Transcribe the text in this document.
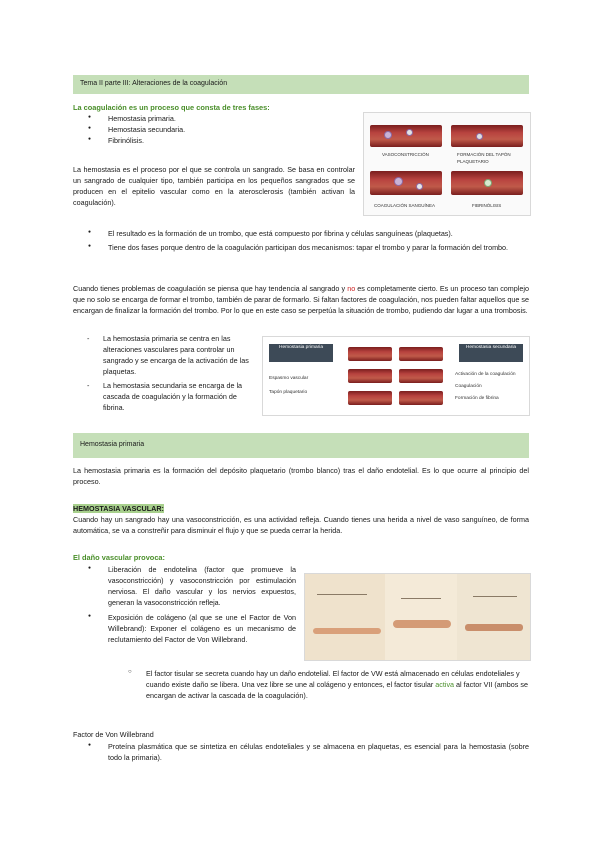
Tema II parte III: Alteraciones de la coagulación
La coagulación es un proceso que consta de tres fases:
● Hemostasia primaria.
● Hemostasia secundaria.
● Fibrinólisis.

La hemostasia es el proceso por el que se controla un sangrado. Se basa en controlar un sangrado de cualquier tipo, también participa en los pequeños sangrados que se producen en el epitelio vascular como en la aterosclerosis (también activan la coagulación).

VASOCONSTRICCIÓN	FORMACIÓN DEL TAPÓN PLAQUETARIO
COAGULACIÓN SANGUÍNEA	FIBRINÓLISIS
● El resultado es la formación de un trombo, que está compuesto por fibrina y células sanguíneas (plaquetas).
● Tiene dos fases porque dentro de la coagulación participan dos mecanismos: tapar el trombo y parar la formación del trombo.

Cuando tienes problemas de coagulación se piensa que hay tendencia al sangrado y no es completamente cierto. Es un proceso tan complejo que no solo se encarga de formar el trombo, también de parar de formarlo. Si faltan factores de coagulación, nos pueden faltar aquellos que se encargan de finalizar la formación del trombo. Por lo que en este caso se perpetúa la situación de trombo, pudiendo dar lugar a una trombosis.

- La hemostasia primaria se centra en las alteraciones vasculares para controlar un sangrado y se encarga de la activación de las plaquetas.
- La hemostasia secundaria se encarga de la cascada de coagulación y la formación de fibrina.
Hemostasia primaria
Espasmo vascular
Tapón plaquetario
Hemostasia secundaria
Activación de la coagulación
Coagulación
Formación de fibrina
Hemostasia primaria

La hemostasia primaria es la formación del depósito plaquetario (trombo blanco) tras el daño endotelial. Es lo que ocurre al principio del proceso.

HEMOSTASIA VASCULAR:

Cuando hay un sangrado hay una vasoconstricción, es una actividad refleja. Cuando tienes una herida a nivel de vaso sanguíneo, de forma automática, se va a constreñir para disminuir el flujo y que se pueda cerrar la herida.

El daño vascular provoca:
● Liberación de endotelina (factor que promueve la vasoconstricción) y vasoconstricción por estimulación nerviosa. El daño vascular y los nervios expuestos, generan la vasoconstricción refleja.
● Exposición de colágeno (al que se une el Factor de Von Willebrand): Exponer el colágeno es un mecanismo de reclutamiento del Factor de Von Willebrand.
○ El factor tisular se secreta cuando hay un daño endotelial. El factor de VW está almacenado en células endoteliales y cuando existe daño se libera. Una vez libre se une al colágeno y entonces, el factor tisular activa al factor VII (ambos se encargan de activar la cascada de la coagulación).
Factor de Von Willebrand
● Proteína plasmática que se sintetiza en células endoteliales y se almacena en plaquetas, es esencial para la hemostasia (sobre todo la primaria).
